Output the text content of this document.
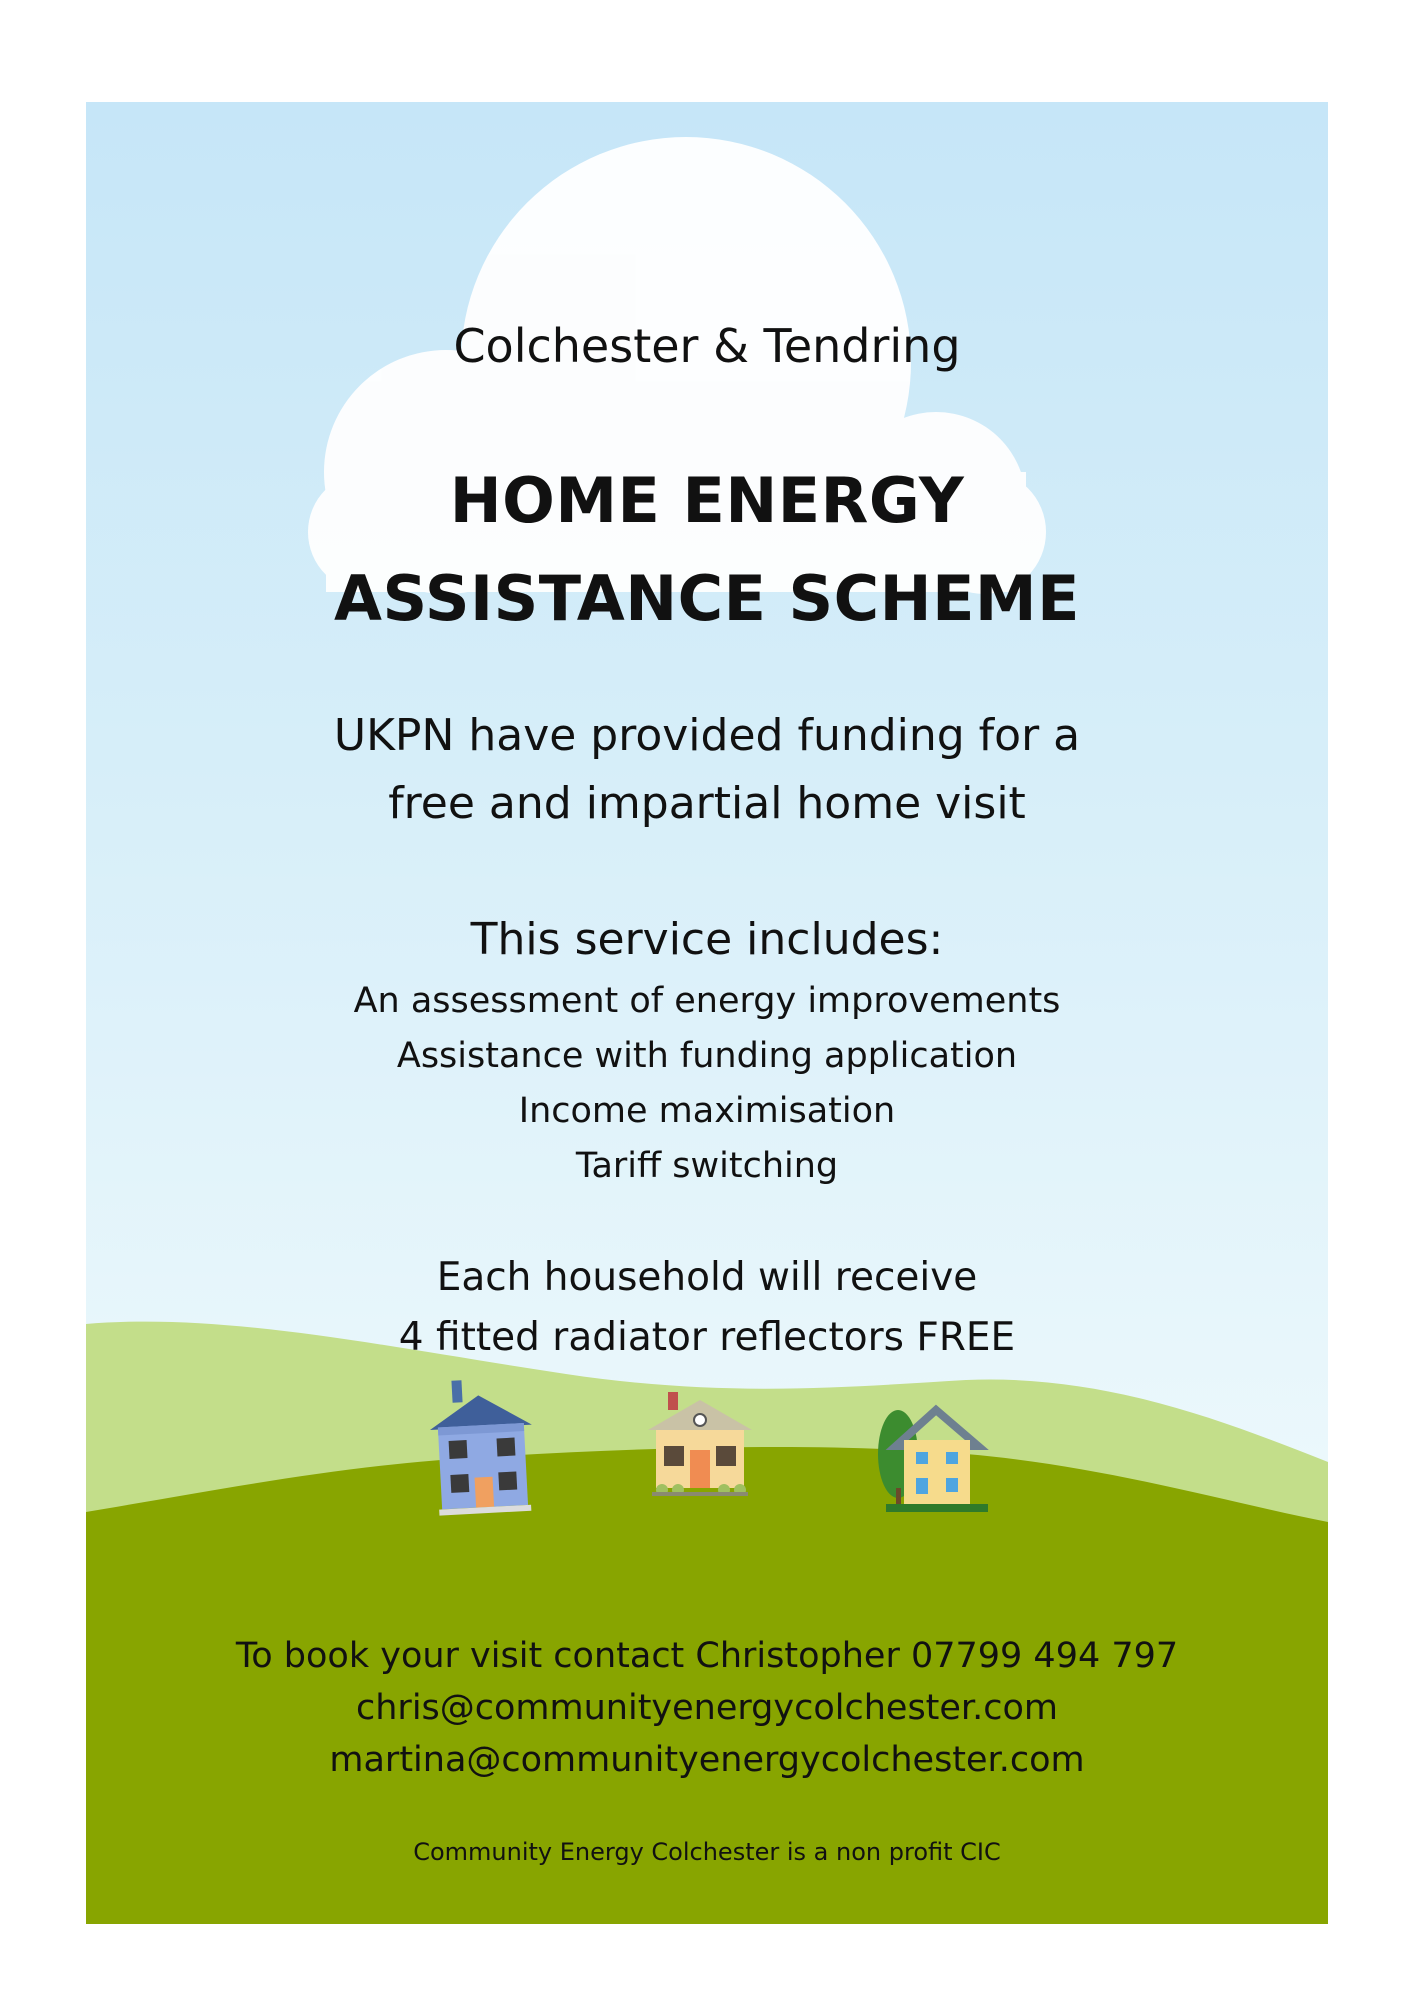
Colchester & Tendring

HOME ENERGY
ASSISTANCE SCHEME
UKPN have provided funding for a
free and impartial home visit

This service includes:

An assessment of energy improvements
Assistance with funding application
Income maximisation
Tariff switching
Each household will receive
4 fitted radiator reflectors FREE
To book your visit contact Christopher 07799 494 797
chris@communityenergycolchester.com
martina@communityenergycolchester.com

Community Energy Colchester is a non profit CIC
